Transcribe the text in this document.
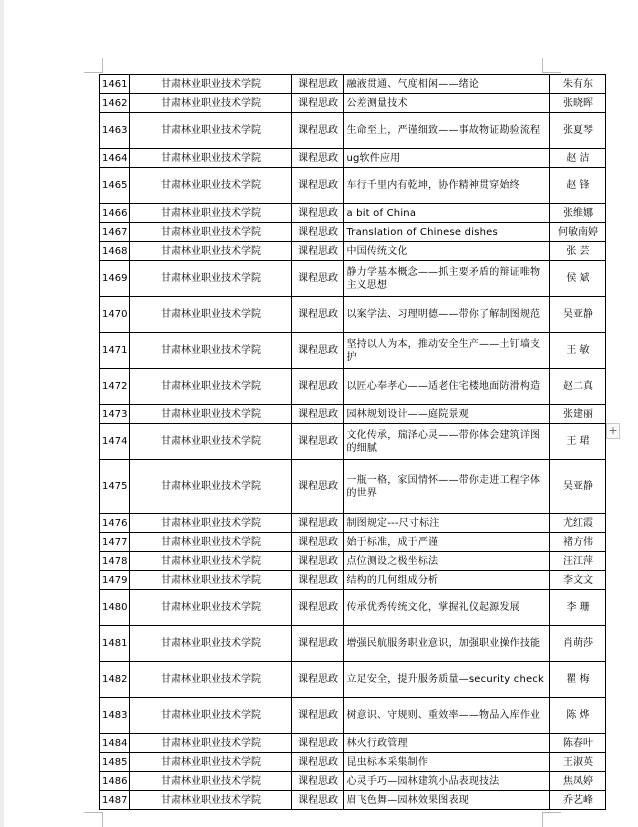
+
1461	甘肃林业职业技术学院	课程思政	融液贯通、气度相闲——绪论	朱有东
1462	甘肃林业职业技术学院	课程思政	公差测量技术	张晓晖
1463	甘肃林业职业技术学院	课程思政	生命至上，严谨细致——事故物证勘验流程	张夏琴
1464	甘肃林业职业技术学院	课程思政	ug软件应用	赵 洁
1465	甘肃林业职业技术学院	课程思政	车行千里内有乾坤，协作精神贯穿始终	赵 锋
1466	甘肃林业职业技术学院	课程思政	a bit of China	张维娜
1467	甘肃林业职业技术学院	课程思政	Translation of Chinese dishes	何敏南婷
1468	甘肃林业职业技术学院	课程思政	中国传统文化	张 芸
1469	甘肃林业职业技术学院	课程思政	静力学基本概念——抓主要矛盾的辩证唯物主义思想	侯 斌
1470	甘肃林业职业技术学院	课程思政	以案学法、习理明德——带你了解制图规范	吴亚静
1471	甘肃林业职业技术学院	课程思政	坚持以人为本，推动安全生产——土钉墙支护	王 敏
1472	甘肃林业职业技术学院	课程思政	以匠心奉孝心——适老住宅楼地面防滑构造	赵二真
1473	甘肃林业职业技术学院	课程思政	园林规划设计——庭院景观	张建丽
1474	甘肃林业职业技术学院	课程思政	文化传承，瑞泽心灵——带你体会建筑详图的细腻	王 珺
1475	甘肃林业职业技术学院	课程思政	一瓶一格，家国情怀——带你走进工程字体的世界	吴亚静
1476	甘肃林业职业技术学院	课程思政	制图规定---尺寸标注	尤红霞
1477	甘肃林业职业技术学院	课程思政	始于标准，成于严谨	褚方伟
1478	甘肃林业职业技术学院	课程思政	点位测设之极坐标法	汪江萍
1479	甘肃林业职业技术学院	课程思政	结构的几何组成分析	李文文
1480	甘肃林业职业技术学院	课程思政	传承优秀传统文化，掌握礼仪起源发展	李 珊
1481	甘肃林业职业技术学院	课程思政	增强民航服务职业意识，加强职业操作技能	肖萌莎
1482	甘肃林业职业技术学院	课程思政	立足安全，提升服务质量—security check	瞿 梅
1483	甘肃林业职业技术学院	课程思政	树意识、守规则、重效率——物品入库作业	陈 烨
1484	甘肃林业职业技术学院	课程思政	林火行政管理	陈春叶
1485	甘肃林业职业技术学院	课程思政	昆虫标本采集制作	王淑英
1486	甘肃林业职业技术学院	课程思政	心灵手巧—园林建筑小品表现技法	焦凤婷
1487	甘肃林业职业技术学院	课程思政	眉飞色舞—园林效果图表现	乔艺峰
